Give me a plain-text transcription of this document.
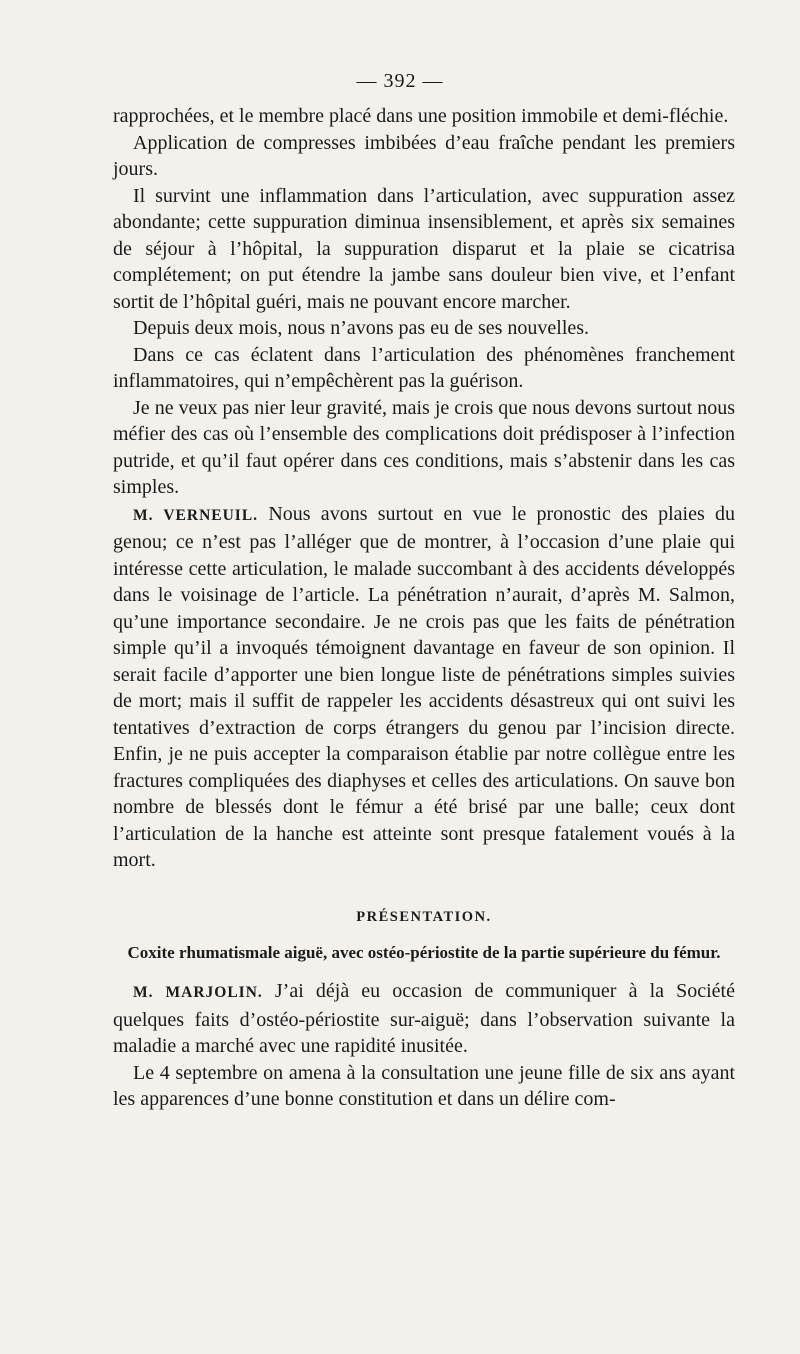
— 392 —

rapprochées, et le membre placé dans une position immobile et demi-fléchie.

Application de compresses imbibées d’eau fraîche pendant les premiers jours.

Il survint une inflammation dans l’articulation, avec suppuration assez abondante; cette suppuration diminua insensiblement, et après six semaines de séjour à l’hôpital, la suppuration disparut et la plaie se cicatrisa complétement; on put étendre la jambe sans douleur bien vive, et l’enfant sortit de l’hôpital guéri, mais ne pouvant encore marcher.

Depuis deux mois, nous n’avons pas eu de ses nouvelles.

Dans ce cas éclatent dans l’articulation des phénomènes franchement inflammatoires, qui n’empêchèrent pas la guérison.

Je ne veux pas nier leur gravité, mais je crois que nous devons surtout nous méfier des cas où l’ensemble des complications doit prédisposer à l’infection putride, et qu’il faut opérer dans ces conditions, mais s’abstenir dans les cas simples.

M. VERNEUIL. Nous avons surtout en vue le pronostic des plaies du genou; ce n’est pas l’alléger que de montrer, à l’occasion d’une plaie qui intéresse cette articulation, le malade succombant à des accidents développés dans le voisinage de l’article. La pénétration n’aurait, d’après M. Salmon, qu’une importance secondaire. Je ne crois pas que les faits de pénétration simple qu’il a invoqués témoignent davantage en faveur de son opinion. Il serait facile d’apporter une bien longue liste de pénétrations simples suivies de mort; mais il suffit de rappeler les accidents désastreux qui ont suivi les tentatives d’extraction de corps étrangers du genou par l’incision directe. Enfin, je ne puis accepter la comparaison établie par notre collègue entre les fractures compliquées des diaphyses et celles des articulations. On sauve bon nombre de blessés dont le fémur a été brisé par une balle; ceux dont l’articulation de la hanche est atteinte sont presque fatalement voués à la mort.

PRÉSENTATION.

Coxite rhumatismale aiguë, avec ostéo-périostite de la partie supérieure du fémur.

M. MARJOLIN. J’ai déjà eu occasion de communiquer à la Société quelques faits d’ostéo-périostite sur-aiguë; dans l’observation suivante la maladie a marché avec une rapidité inusitée.

Le 4 septembre on amena à la consultation une jeune fille de six ans ayant les apparences d’une bonne constitution et dans un délire com-
